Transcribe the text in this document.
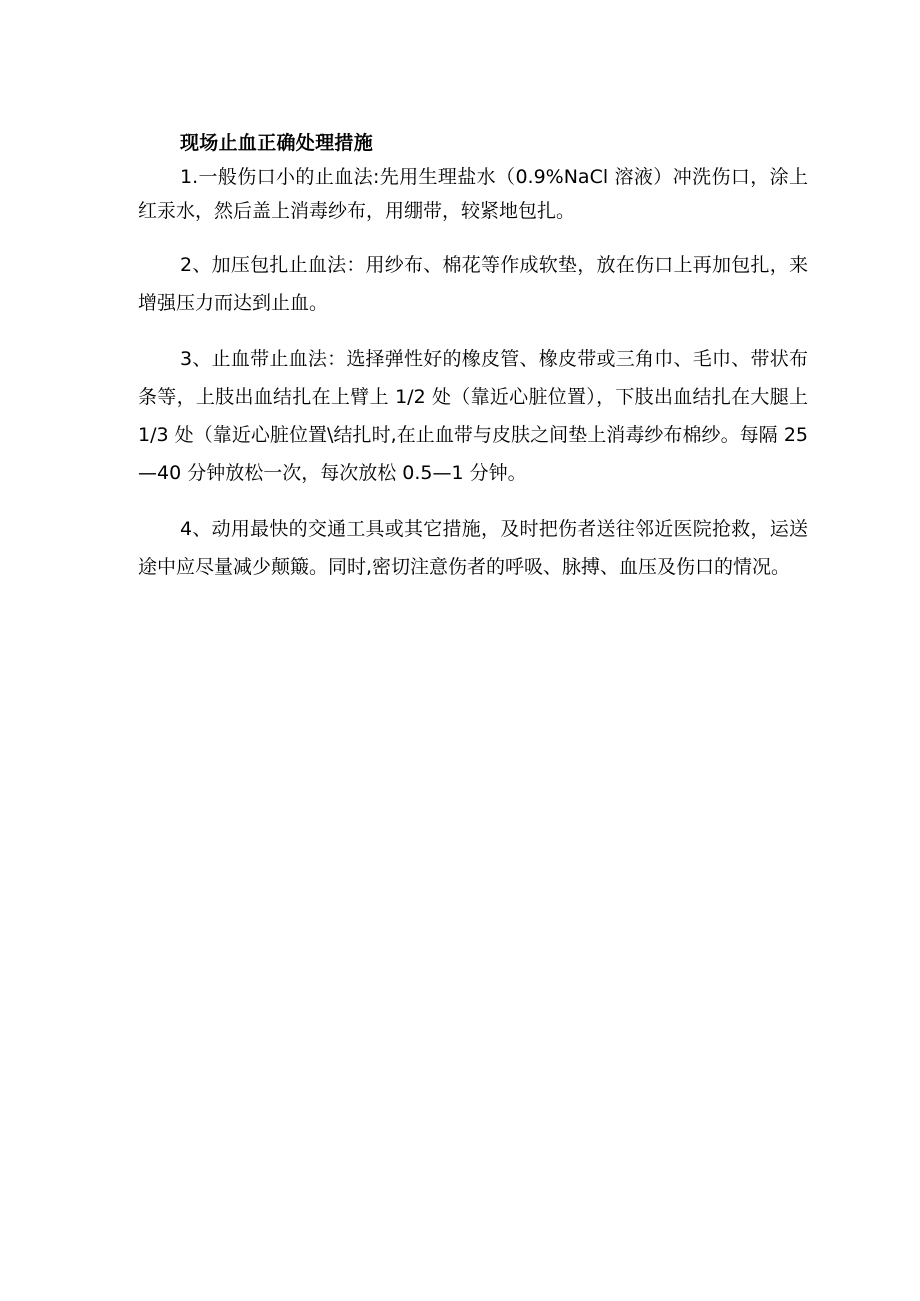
现场止血正确处理措施

1.一般伤口小的止血法:先用生理盐水（0.9%NaCl 溶液）冲洗伤口，涂上红汞水，然后盖上消毒纱布，用绷带，较紧地包扎。

2、加压包扎止血法：用纱布、棉花等作成软垫，放在伤口上再加包扎，来增强压力而达到止血。

3、止血带止血法：选择弹性好的橡皮管、橡皮带或三角巾、毛巾、带状布条等，上肢出血结扎在上臂上 1/2 处（靠近心脏位置），下肢出血结扎在大腿上 1/3 处（靠近心脏位置\结扎时,在止血带与皮肤之间垫上消毒纱布棉纱。每隔 25—40 分钟放松一次，每次放松 0.5—1 分钟。

4、动用最快的交通工具或其它措施，及时把伤者送往邻近医院抢救，运送途中应尽量减少颠簸。同时,密切注意伤者的呼吸、脉搏、血压及伤口的情况。
